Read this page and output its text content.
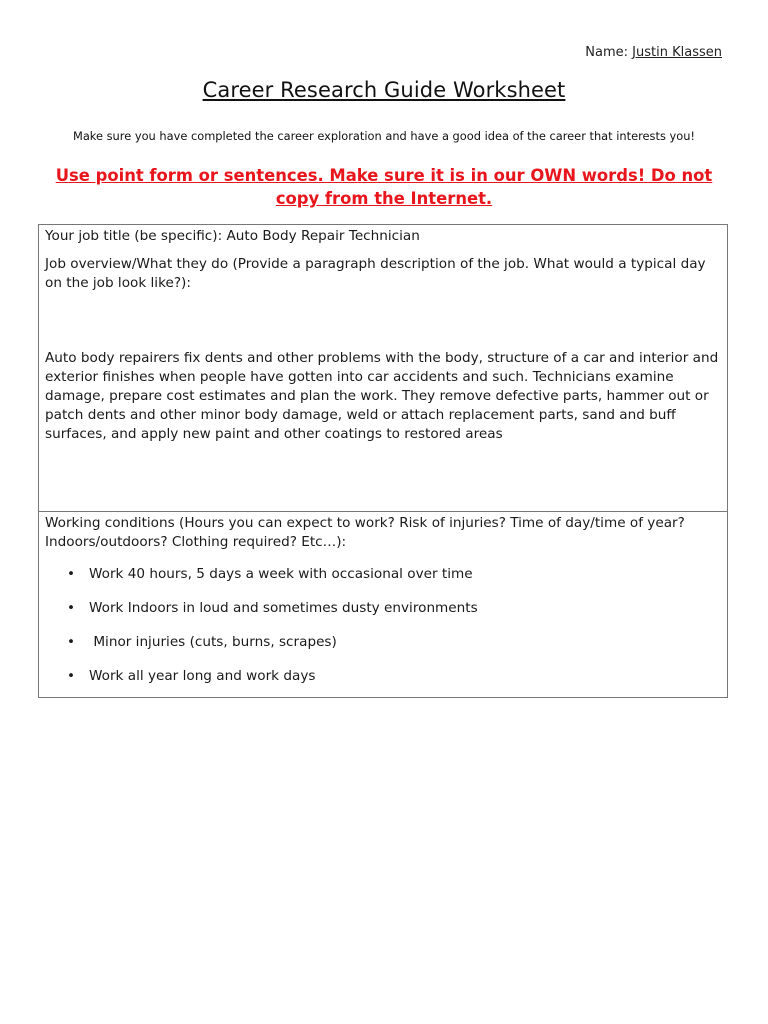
Name: Justin Klassen
Career Research Guide Worksheet
Make sure you have completed the career exploration and have a good idea of the career that interests you!
Use point form or sentences. Make sure it is in our OWN words! Do not copy from the Internet.

Your job title (be specific): Auto Body Repair Technician

Job overview/What they do (Provide a paragraph description of the job. What would a typical day on the job look like?):

Auto body repairers fix dents and other problems with the body, structure of a car and interior and exterior finishes when people have gotten into car accidents and such. Technicians examine damage, prepare cost estimates and plan the work. They remove defective parts, hammer out or patch dents and other minor body damage, weld or attach replacement parts, sand and buff surfaces, and apply new paint and other coatings to restored areas

Working conditions (Hours you can expect to work? Risk of injuries? Time of day/time of year? Indoors/outdoors? Clothing required? Etc…):

• Work 40 hours, 5 days a week with occasional over time
• Work Indoors in loud and sometimes dusty environments
• Minor injuries (cuts, burns, scrapes)
• Work all year long and work days
